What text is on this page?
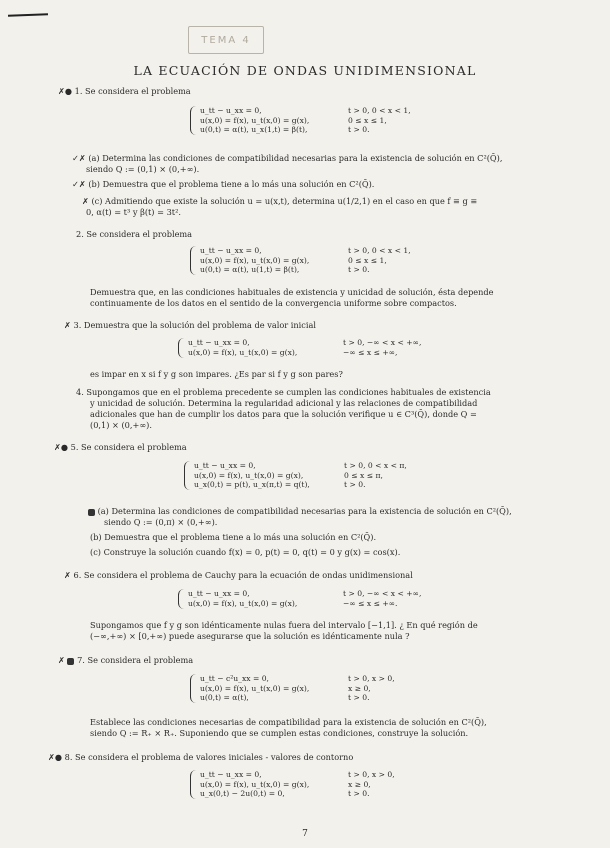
TEMA 4
LA ECUACIÓN DE ONDAS UNIDIMENSIONAL
✗● 1. Se considera el problema
u_tt − u_xx = 0,	t > 0, 0 < x < 1,
u(x,0) = f(x), u_t(x,0) = g(x),	0 ≤ x ≤ 1,
u(0,t) = α(t), u_x(1,t) = β(t),	t > 0.
✓✗ (a) Determina las condiciones de compatibilidad necesarias para la existencia de solución en C²(Q̄),
siendo Q := (0,1) × (0,+∞).
✓✗ (b) Demuestra que el problema tiene a lo más una solución en C²(Q̄).
✗ (c) Admitiendo que existe la solución u = u(x,t), determina u(1/2,1) en el caso en que f ≡ g ≡
0, α(t) = t³ y β(t) = 3t².
2. Se considera el problema
u_tt − u_xx = 0,	t > 0, 0 < x < 1,
u(x,0) = f(x), u_t(x,0) = g(x),	0 ≤ x ≤ 1,
u(0,t) = α(t), u(1,t) = β(t),	t > 0.
Demuestra que, en las condiciones habituales de existencia y unicidad de solución, ésta depende
continuamente de los datos en el sentido de la convergencia uniforme sobre compactos.
✗ 3. Demuestra que la solución del problema de valor inicial
u_tt − u_xx = 0,	t > 0, −∞ < x < +∞,
u(x,0) = f(x), u_t(x,0) = g(x),	−∞ ≤ x ≤ +∞,
es impar en x si f y g son impares. ¿Es par si f y g son pares?
4. Supongamos que en el problema precedente se cumplen las condiciones habituales de existencia
y unicidad de solución. Determina la regularidad adicional y las relaciones de compatibilidad
adicionales que han de cumplir los datos para que la solución verifique u ∈ C³(Q̄), donde Q =
(0,1) × (0,+∞).
✗● 5. Se considera el problema
u_tt − u_xx = 0,	t > 0, 0 < x < π,
u(x,0) = f(x), u_t(x,0) = g(x),	0 ≤ x ≤ π,
u_x(0,t) = p(t), u_x(π,t) = q(t),	t > 0.
(a) Determina las condiciones de compatibilidad necesarias para la existencia de solución en C²(Q̄),
siendo Q := (0,π) × (0,+∞).
(b) Demuestra que el problema tiene a lo más una solución en C²(Q̄).
(c) Construye la solución cuando f(x) = 0, p(t) = 0, q(t) = 0 y g(x) = cos(x).
✗ 6. Se considera el problema de Cauchy para la ecuación de ondas unidimensional
u_tt − u_xx = 0,	t > 0, −∞ < x < +∞,
u(x,0) = f(x), u_t(x,0) = g(x),	−∞ ≤ x ≤ +∞.
Supongamos que f y g son idénticamente nulas fuera del intervalo [−1,1]. ¿ En qué región de
(−∞,+∞) × [0,+∞) puede asegurarse que la solución es idénticamente nula ?
✗ 7. Se considera el problema
u_tt − c²u_xx = 0,	t > 0, x > 0,
u(x,0) = f(x), u_t(x,0) = g(x),	x ≥ 0,
u(0,t) = α(t),	t > 0.
Establece las condiciones necesarias de compatibilidad para la existencia de solución en C²(Q̄),
siendo Q := R₊ × R₊. Suponiendo que se cumplen estas condiciones, construye la solución.
✗● 8. Se considera el problema de valores iniciales - valores de contorno
u_tt − u_xx = 0,	t > 0, x > 0,
u(x,0) = f(x), u_t(x,0) = g(x),	x ≥ 0,
u_x(0,t) − 2u(0,t) = 0,	t > 0.
7
